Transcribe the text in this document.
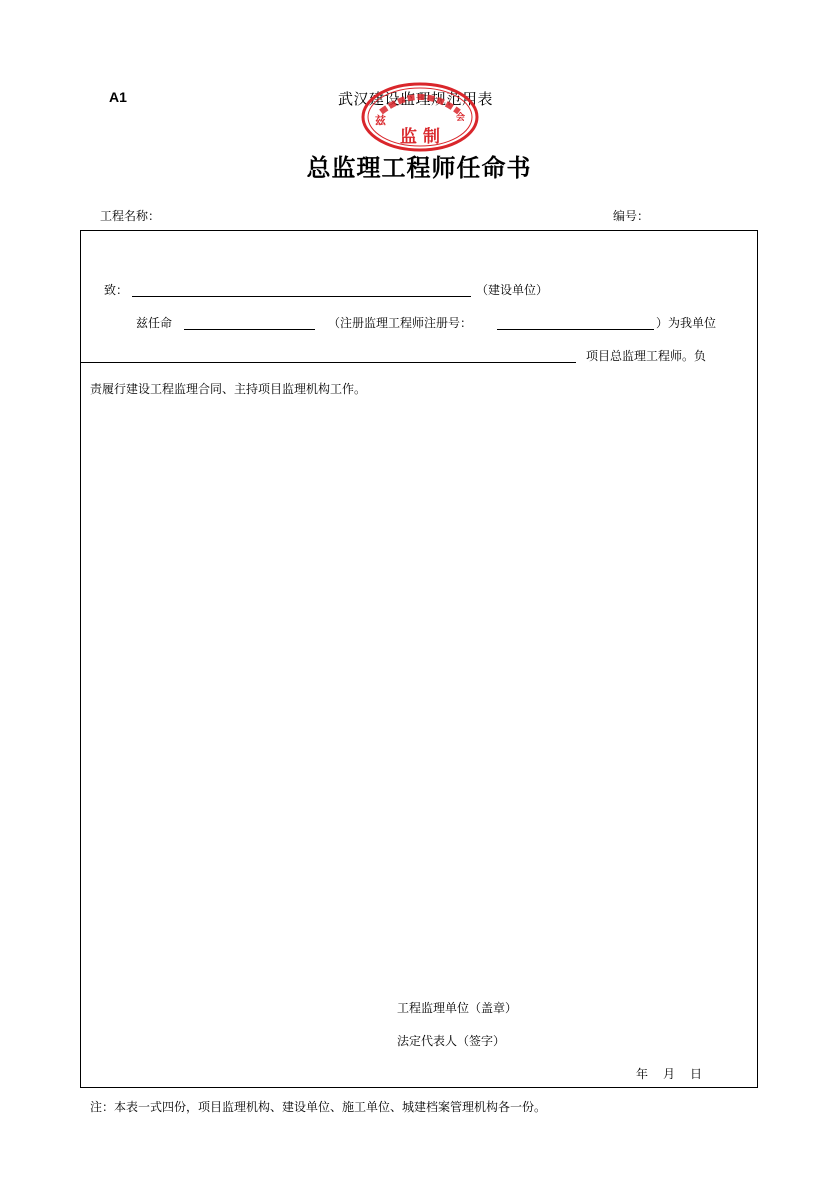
A1	武汉建设监理规范用表
兹	会
监 制
总监理工程师任命书
工程名称：	编号：
致：	（建设单位）
兹任命	（注册监理工程师注册号：	）为我单位
项目总监理工程师。负
责履行建设工程监理合同、主持项目监理机构工作。
工程监理单位（盖章）
法定代表人（签字）
年 月 日
注：本表一式四份，项目监理机构、建设单位、施工单位、城建档案管理机构各一份。
